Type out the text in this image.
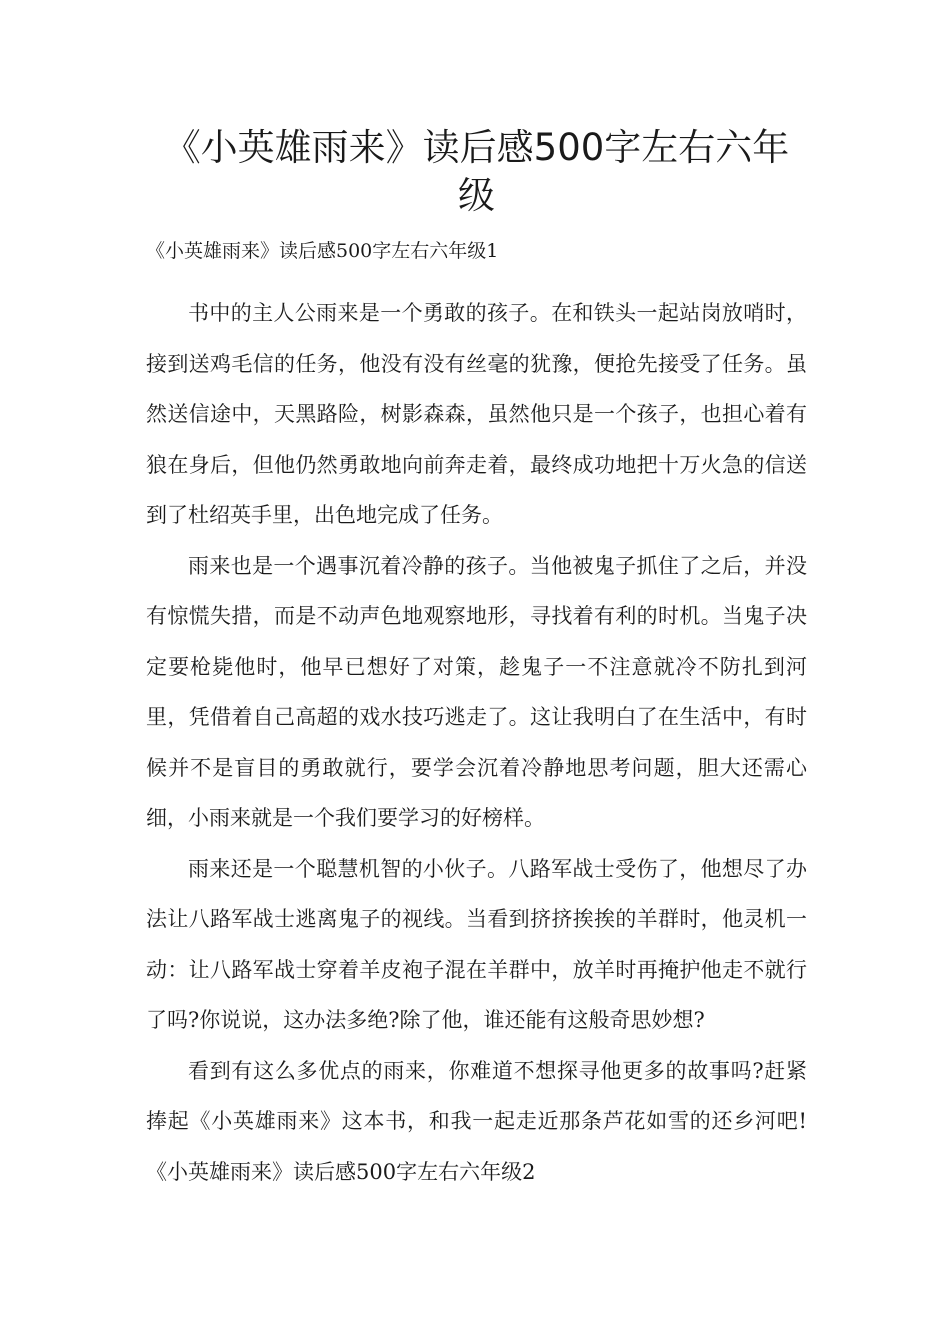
《小英雄雨来》读后感500字左右六年级
《小英雄雨来》读后感500字左右六年级1

书中的主人公雨来是一个勇敢的孩子。在和铁头一起站岗放哨时，接到送鸡毛信的任务，他没有没有丝毫的犹豫，便抢先接受了任务。虽然送信途中，天黑路险，树影森森，虽然他只是一个孩子，也担心着有狼在身后，但他仍然勇敢地向前奔走着，最终成功地把十万火急的信送到了杜绍英手里，出色地完成了任务。

雨来也是一个遇事沉着冷静的孩子。当他被鬼子抓住了之后，并没有惊慌失措，而是不动声色地观察地形，寻找着有利的时机。当鬼子决定要枪毙他时，他早已想好了对策，趁鬼子一不注意就冷不防扎到河里，凭借着自己高超的戏水技巧逃走了。这让我明白了在生活中，有时候并不是盲目的勇敢就行，要学会沉着冷静地思考问题，胆大还需心细，小雨来就是一个我们要学习的好榜样。

雨来还是一个聪慧机智的小伙子。八路军战士受伤了，他想尽了办法让八路军战士逃离鬼子的视线。当看到挤挤挨挨的羊群时，他灵机一动：让八路军战士穿着羊皮袍子混在羊群中，放羊时再掩护他走不就行了吗?你说说，这办法多绝?除了他，谁还能有这般奇思妙想?

看到有这么多优点的雨来，你难道不想探寻他更多的故事吗?赶紧捧起《小英雄雨来》这本书，和我一起走近那条芦花如雪的还乡河吧!《小英雄雨来》读后感500字左右六年级2
